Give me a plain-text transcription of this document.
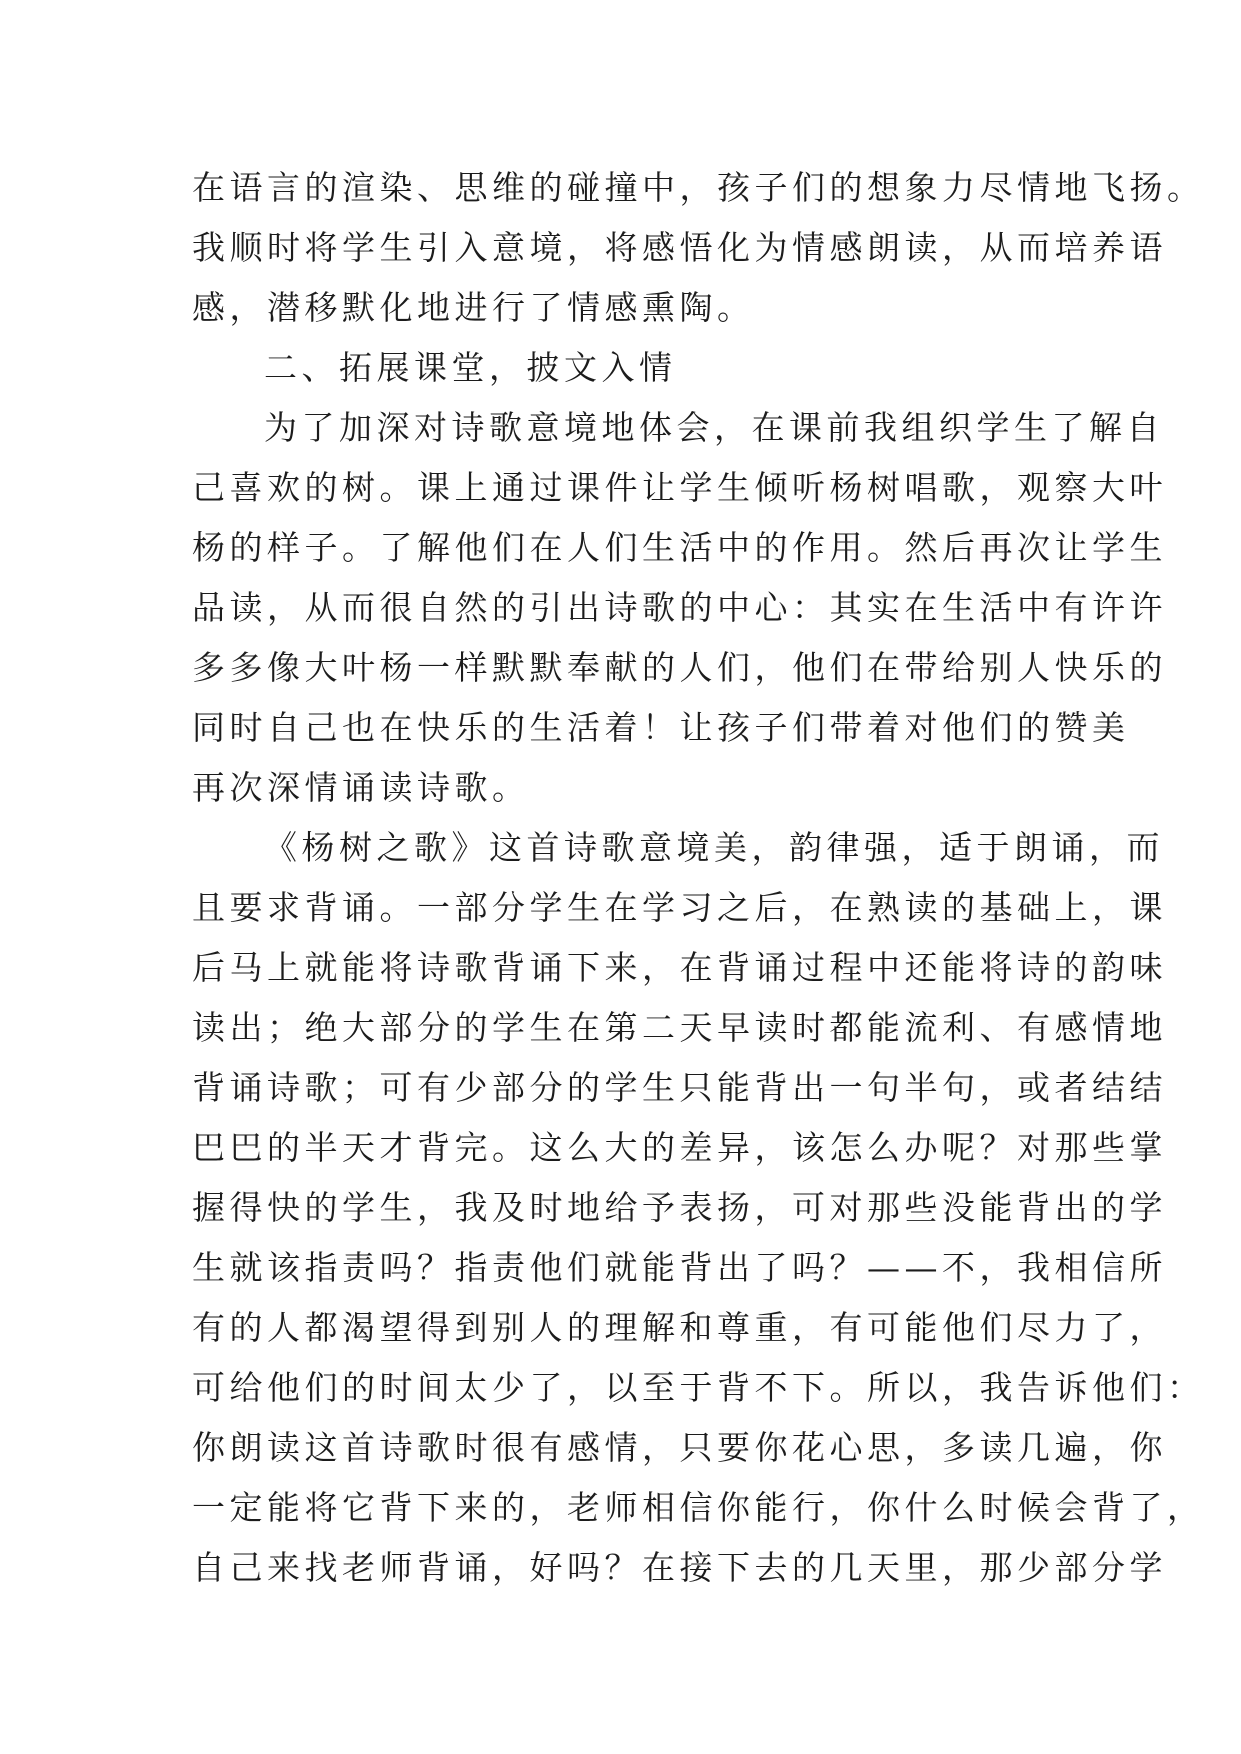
在语言的渲染、思维的碰撞中，孩子们的想象力尽情地飞扬。
我顺时将学生引入意境，将感悟化为情感朗读，从而培养语
感，潜移默化地进行了情感熏陶。
二、拓展课堂，披文入情
为了加深对诗歌意境地体会，在课前我组织学生了解自
己喜欢的树。课上通过课件让学生倾听杨树唱歌，观察大叶
杨的样子。了解他们在人们生活中的作用。然后再次让学生
品读，从而很自然的引出诗歌的中心：其实在生活中有许许
多多像大叶杨一样默默奉献的人们，他们在带给别人快乐的
同时自己也在快乐的生活着！让孩子们带着对他们的赞美
再次深情诵读诗歌。
《杨树之歌》这首诗歌意境美，韵律强，适于朗诵，而
且要求背诵。一部分学生在学习之后，在熟读的基础上，课
后马上就能将诗歌背诵下来，在背诵过程中还能将诗的韵味
读出；绝大部分的学生在第二天早读时都能流利、有感情地
背诵诗歌；可有少部分的学生只能背出一句半句，或者结结
巴巴的半天才背完。这么大的差异，该怎么办呢？对那些掌
握得快的学生，我及时地给予表扬，可对那些没能背出的学
生就该指责吗？指责他们就能背出了吗？——不，我相信所
有的人都渴望得到别人的理解和尊重，有可能他们尽力了，
可给他们的时间太少了，以至于背不下。所以，我告诉他们：
你朗读这首诗歌时很有感情，只要你花心思，多读几遍，你
一定能将它背下来的，老师相信你能行，你什么时候会背了，
自己来找老师背诵，好吗？在接下去的几天里，那少部分学
